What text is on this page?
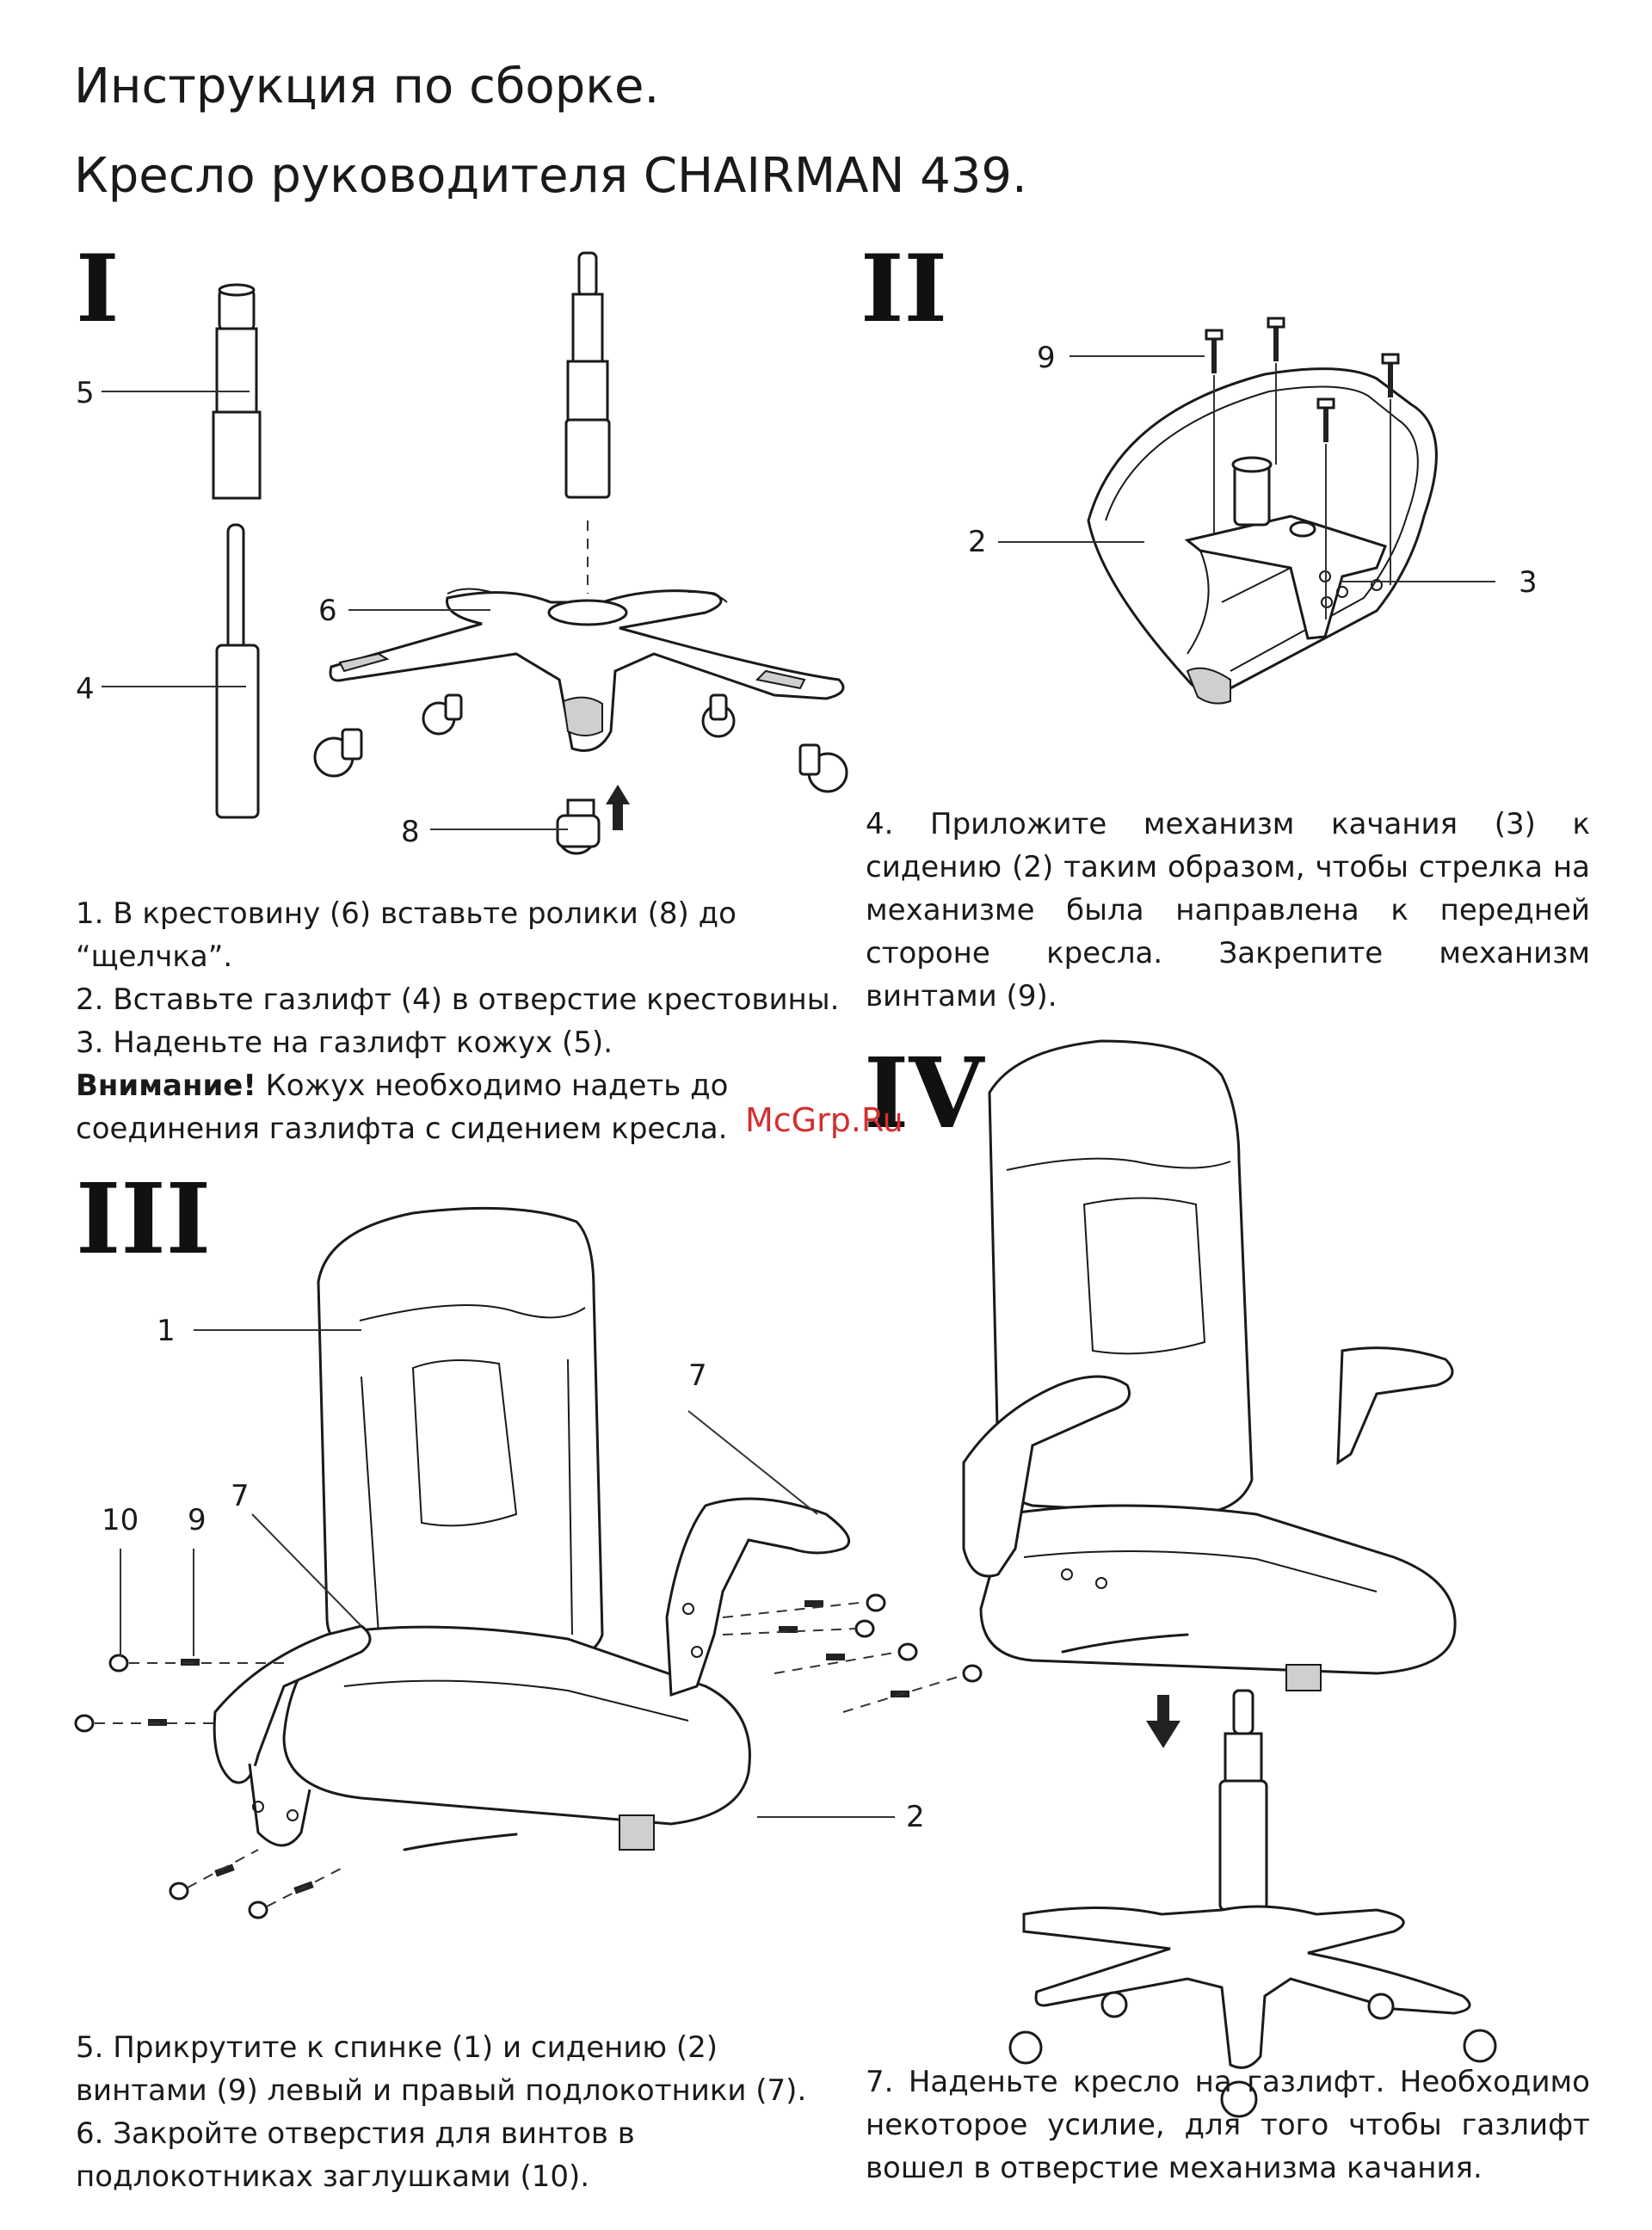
Инструкция по сборке.
Кресло руководителя CHAIRMAN 439.
I
5
4
6
8

1. В крестовину (6) вставьте ролики (8) до “щелчка”.

2. Вставьте газлифт (4) в отверстие крестовины.

3. Наденьте на газлифт кожух (5).

Внимание! Кожух необходимо надеть до соединения газлифта с сидением кресла.

II
9
2
3

4. Приложите механизм качания (3) к сидению (2) таким образом, чтобы стрелка на механизме была направлена к передней стороне кресла. Закрепите механизм винтами (9).

III
1
7
7
10 9
2

5. Прикрутите к спинке (1) и сидению (2) винтами (9) левый и правый подлокотники (7).

6. Закройте отверстия для винтов в подлокотниках заглушками (10).

IV

7. Наденьте кресло на газлифт. Необходимо некоторое усилие, для того чтобы газлифт вошел в отверстие механизма качания.

McGrp.Ru
